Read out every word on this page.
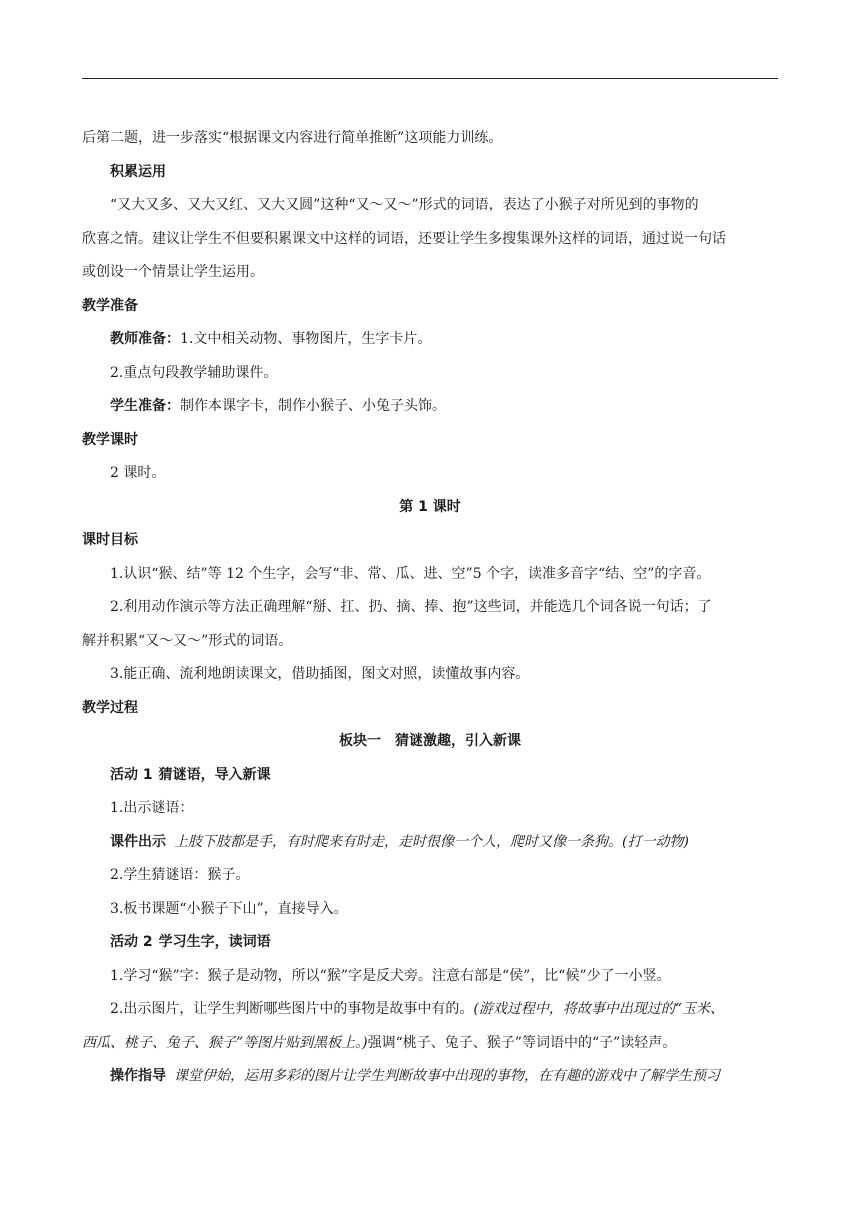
后第二题，进一步落实“根据课文内容进行简单推断”这项能力训练。

积累运用

“又大又多、又大又红、又大又圆”这种“又～又～”形式的词语，表达了小猴子对所见到的事物的

欣喜之情。建议让学生不但要积累课文中这样的词语，还要让学生多搜集课外这样的词语，通过说一句话

或创设一个情景让学生运用。

教学准备

教师准备：1.文中相关动物、事物图片，生字卡片。

2.重点句段教学辅助课件。

学生准备：制作本课字卡，制作小猴子、小兔子头饰。

教学课时

2 课时。

第 1 课时

课时目标

1.认识“猴、结”等 12 个生字，会写“非、常、瓜、进、空”5 个字，读准多音字“结、空”的字音。

2.利用动作演示等方法正确理解“掰、扛、扔、摘、捧、抱”这些词，并能选几个词各说一句话；了

解并积累“又～又～”形式的词语。

3.能正确、流利地朗读课文，借助插图，图文对照，读懂故事内容。

教学过程

板块一　猜谜激趣，引入新课

活动 1 猜谜语，导入新课

1.出示谜语：

课件出示 上肢下肢都是手，有时爬来有时走，走时很像一个人，爬时又像一条狗。(打一动物)

2.学生猜谜语：猴子。

3.板书课题“小猴子下山”，直接导入。

活动 2 学习生字，读词语

1.学习“猴”字：猴子是动物，所以“猴”字是反犬旁。注意右部是“侯”，比“候”少了一小竖。

2.出示图片，让学生判断哪些图片中的事物是故事中有的。(游戏过程中，将故事中出现过的“玉米、

西瓜、桃子、兔子、猴子”等图片贴到黑板上。)强调“桃子、兔子、猴子”等词语中的“子”读轻声。

操作指导 课堂伊始，运用多彩的图片让学生判断故事中出现的事物，在有趣的游戏中了解学生预习
